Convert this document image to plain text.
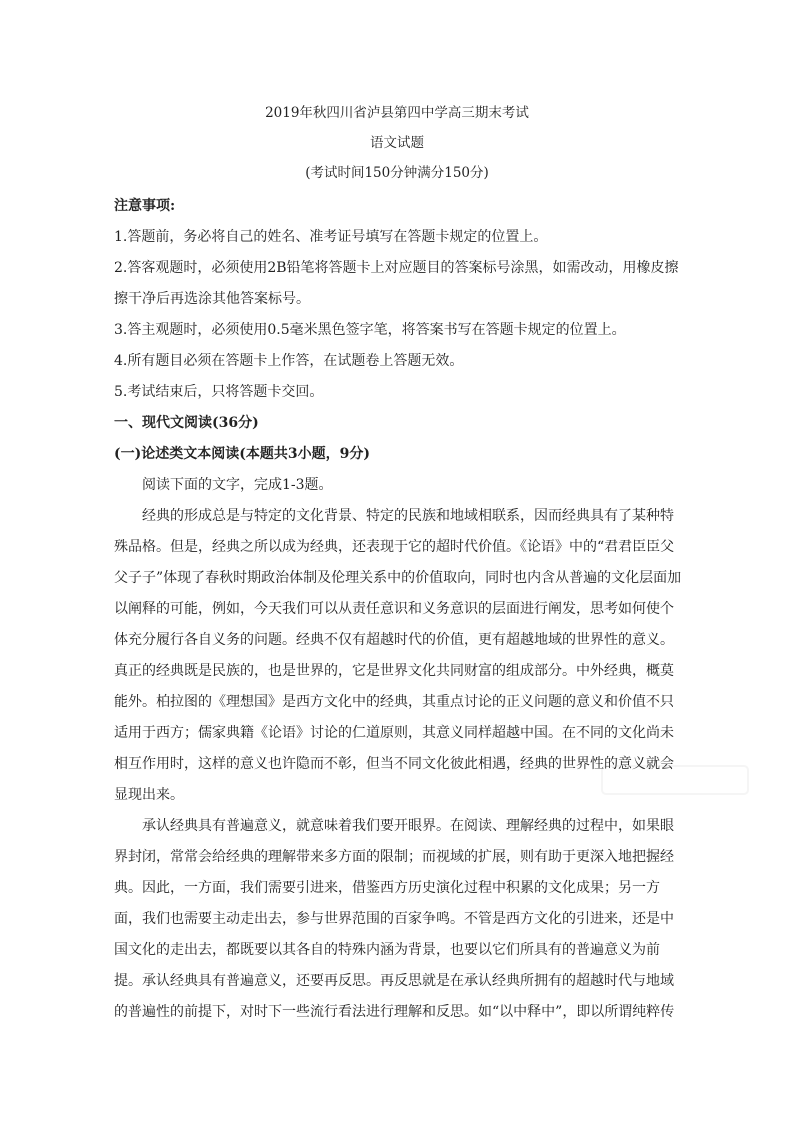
2019年秋四川省泸县第四中学高三期末考试
语文试题
(考试时间150分钟满分150分)
注意事项:
1.答题前，务必将自己的姓名、准考证号填写在答题卡规定的位置上。
2.答客观题时，必须使用2B铅笔将答题卡上对应题目的答案标号涂黑，如需改动，用橡皮擦擦干净后再选涂其他答案标号。
3.答主观题时，必须使用0.5毫米黑色签字笔，将答案书写在答题卡规定的位置上。
4.所有题目必须在答题卡上作答，在试题卷上答题无效。
5.考试结束后，只将答题卡交回。
一、现代文阅读(36分)
(一)论述类文本阅读(本题共3小题，9分)
阅读下面的文字，完成1-3题。

经典的形成总是与特定的文化背景、特定的民族和地域相联系，因而经典具有了某种特殊品格。但是，经典之所以成为经典，还表现于它的超时代价值。《论语》中的“君君臣臣父父子子”体现了春秋时期政治体制及伦理关系中的价值取向，同时也内含从普遍的文化层面加以阐释的可能，例如，今天我们可以从责任意识和义务意识的层面进行阐发，思考如何使个体充分履行各自义务的问题。经典不仅有超越时代的价值，更有超越地域的世界性的意义。真正的经典既是民族的，也是世界的，它是世界文化共同财富的组成部分。中外经典，概莫能外。柏拉图的《理想国》是西方文化中的经典，其重点讨论的正义问题的意义和价值不只适用于西方；儒家典籍《论语》讨论的仁道原则，其意义同样超越中国。在不同的文化尚未相互作用时，这样的意义也许隐而不彰，但当不同文化彼此相遇，经典的世界性的意义就会显现出来。

承认经典具有普遍意义，就意味着我们要开眼界。在阅读、理解经典的过程中，如果眼界封闭，常常会给经典的理解带来多方面的限制；而视域的扩展，则有助于更深入地把握经典。因此，一方面，我们需要引进来，借鉴西方历史演化过程中积累的文化成果；另一方面，我们也需要主动走出去，参与世界范围的百家争鸣。不管是西方文化的引进来，还是中国文化的走出去，都既要以其各自的特殊内涵为背景，也要以它们所具有的普遍意义为前提。 承认经典具有普遍意义，还要再反思。再反思就是在承认经典所拥有的超越时代与地域的普遍性的前提下，对时下一些流行看法进行理解和反思。如“以中释中”，即以所谓纯粹传
